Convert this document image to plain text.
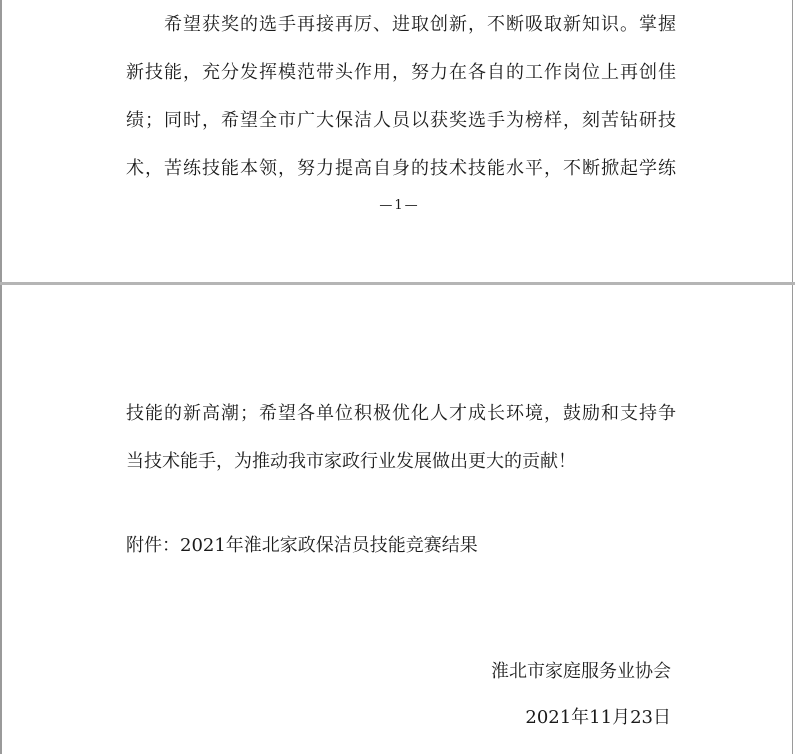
希望获奖的选手再接再厉、进取创新，不断吸取新知识。掌握
新技能，充分发挥模范带头作用，努力在各自的工作岗位上再创佳
绩；同时，希望全市广大保洁人员以获奖选手为榜样，刻苦钻研技
术，苦练技能本领，努力提高自身的技术技能水平，不断掀起学练
—1—
技能的新高潮；希望各单位积极优化人才成长环境，鼓励和支持争
当技术能手，为推动我市家政行业发展做出更大的贡献！
附件：2021年淮北家政保洁员技能竞赛结果
淮北市家庭服务业协会
2021年11月23日
